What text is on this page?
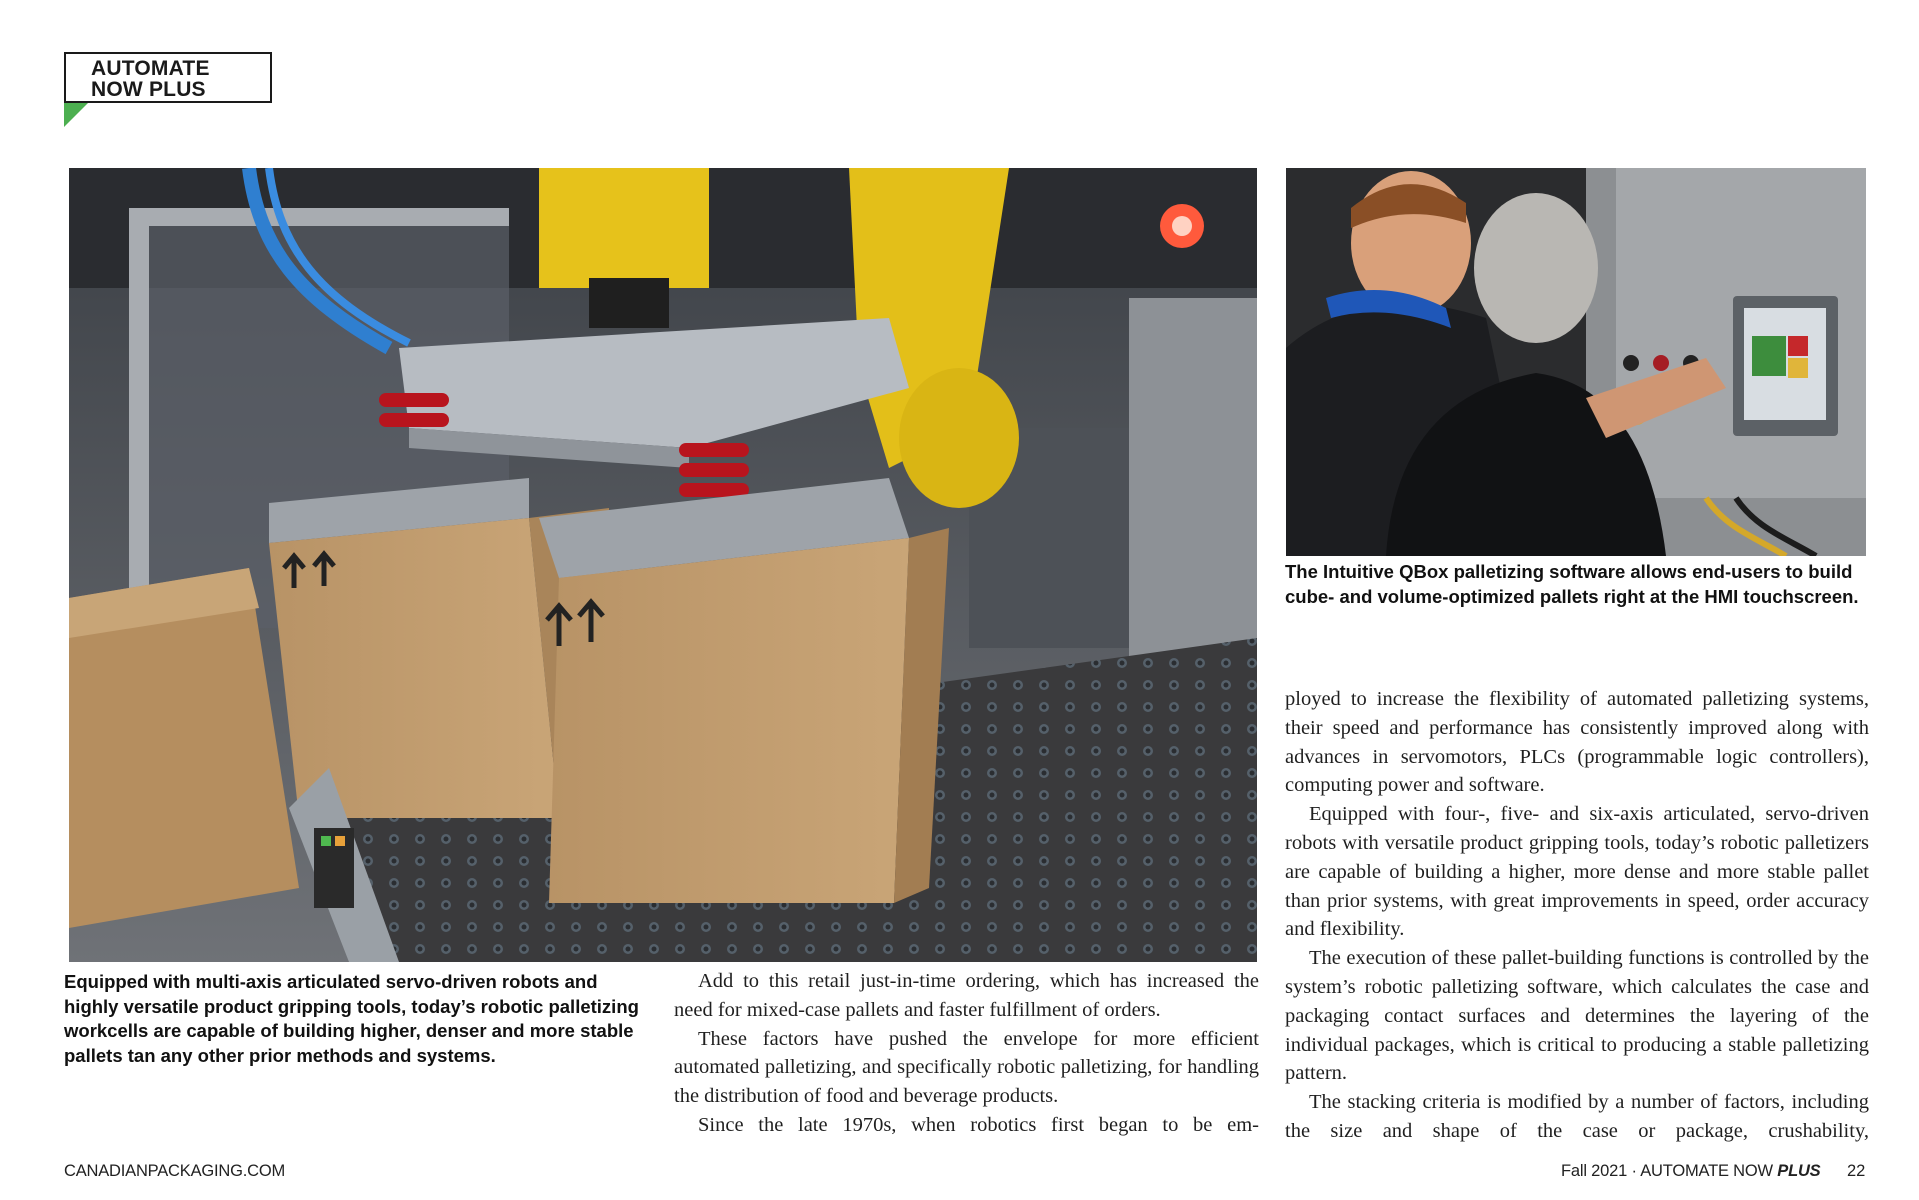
AUTOMATE
NOW PLUS
Equipped with multi-axis articulated servo-driven robots and highly versatile product gripping tools, today’s robotic palletizing workcells are capable of building higher, denser and more stable pallets tan any other prior methods and systems.
The Intuitive QBox palletizing software allows end-users to build cube- and volume-optimized pallets right at the HMI touchscreen.

Add to this retail just-in-time ordering, which has increased the need for mixed-case pallets and faster fulfillment of orders.

These factors have pushed the envelope for more efficient automated palletizing, and specifically robotic palletizing, for handling the distribution of food and beverage products.

Since the late 1970s, when robotics first began to be em-

ployed to increase the flexibility of automated palletizing systems, their speed and performance has consistently improved along with advances in servomotors, PLCs (programmable logic controllers), computing power and software.

Equipped with four-, five- and six-axis articulated, servo-driven robots with versatile product gripping tools, today’s robotic palletizers are capable of building a higher, more dense and more stable pallet than prior systems, with great improvements in speed, order accuracy and flexibility.

The execution of these pallet-building functions is controlled by the system’s robotic palletizing software, which calculates the case and packaging contact surfaces and determines the layering of the individual packages, which is critical to producing a stable palletizing pattern.

The stacking criteria is modified by a number of factors, including the size and shape of the case or package, crushability,

CANADIANPACKAGING.COM	Fall 2021 · AUTOMATE NOW PLUS 22
